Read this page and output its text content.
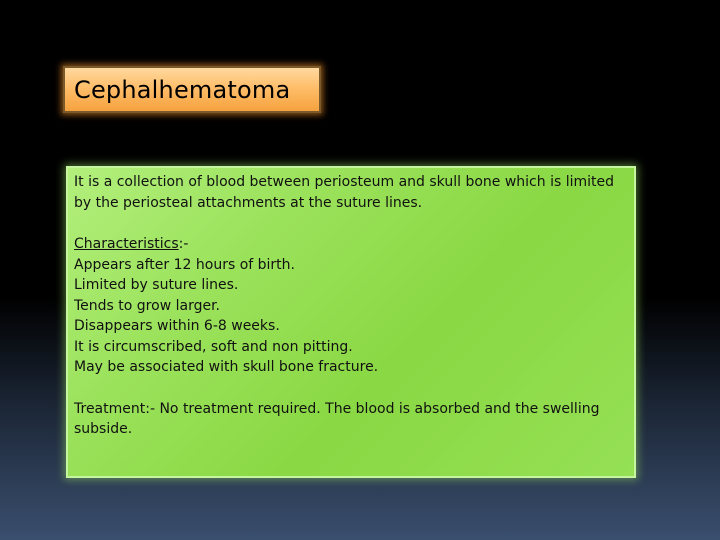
Cephalhematoma

It is a collection of blood between periosteum and skull bone which is limited by the periosteal attachments at the suture lines.

Characteristics:-
Appears after 12 hours of birth.
Limited by suture lines.
Tends to grow larger.
Disappears within 6-8 weeks.
It is circumscribed, soft and non pitting.
May be associated with skull bone fracture.

Treatment:- No treatment required. The blood is absorbed and the swelling subside.
